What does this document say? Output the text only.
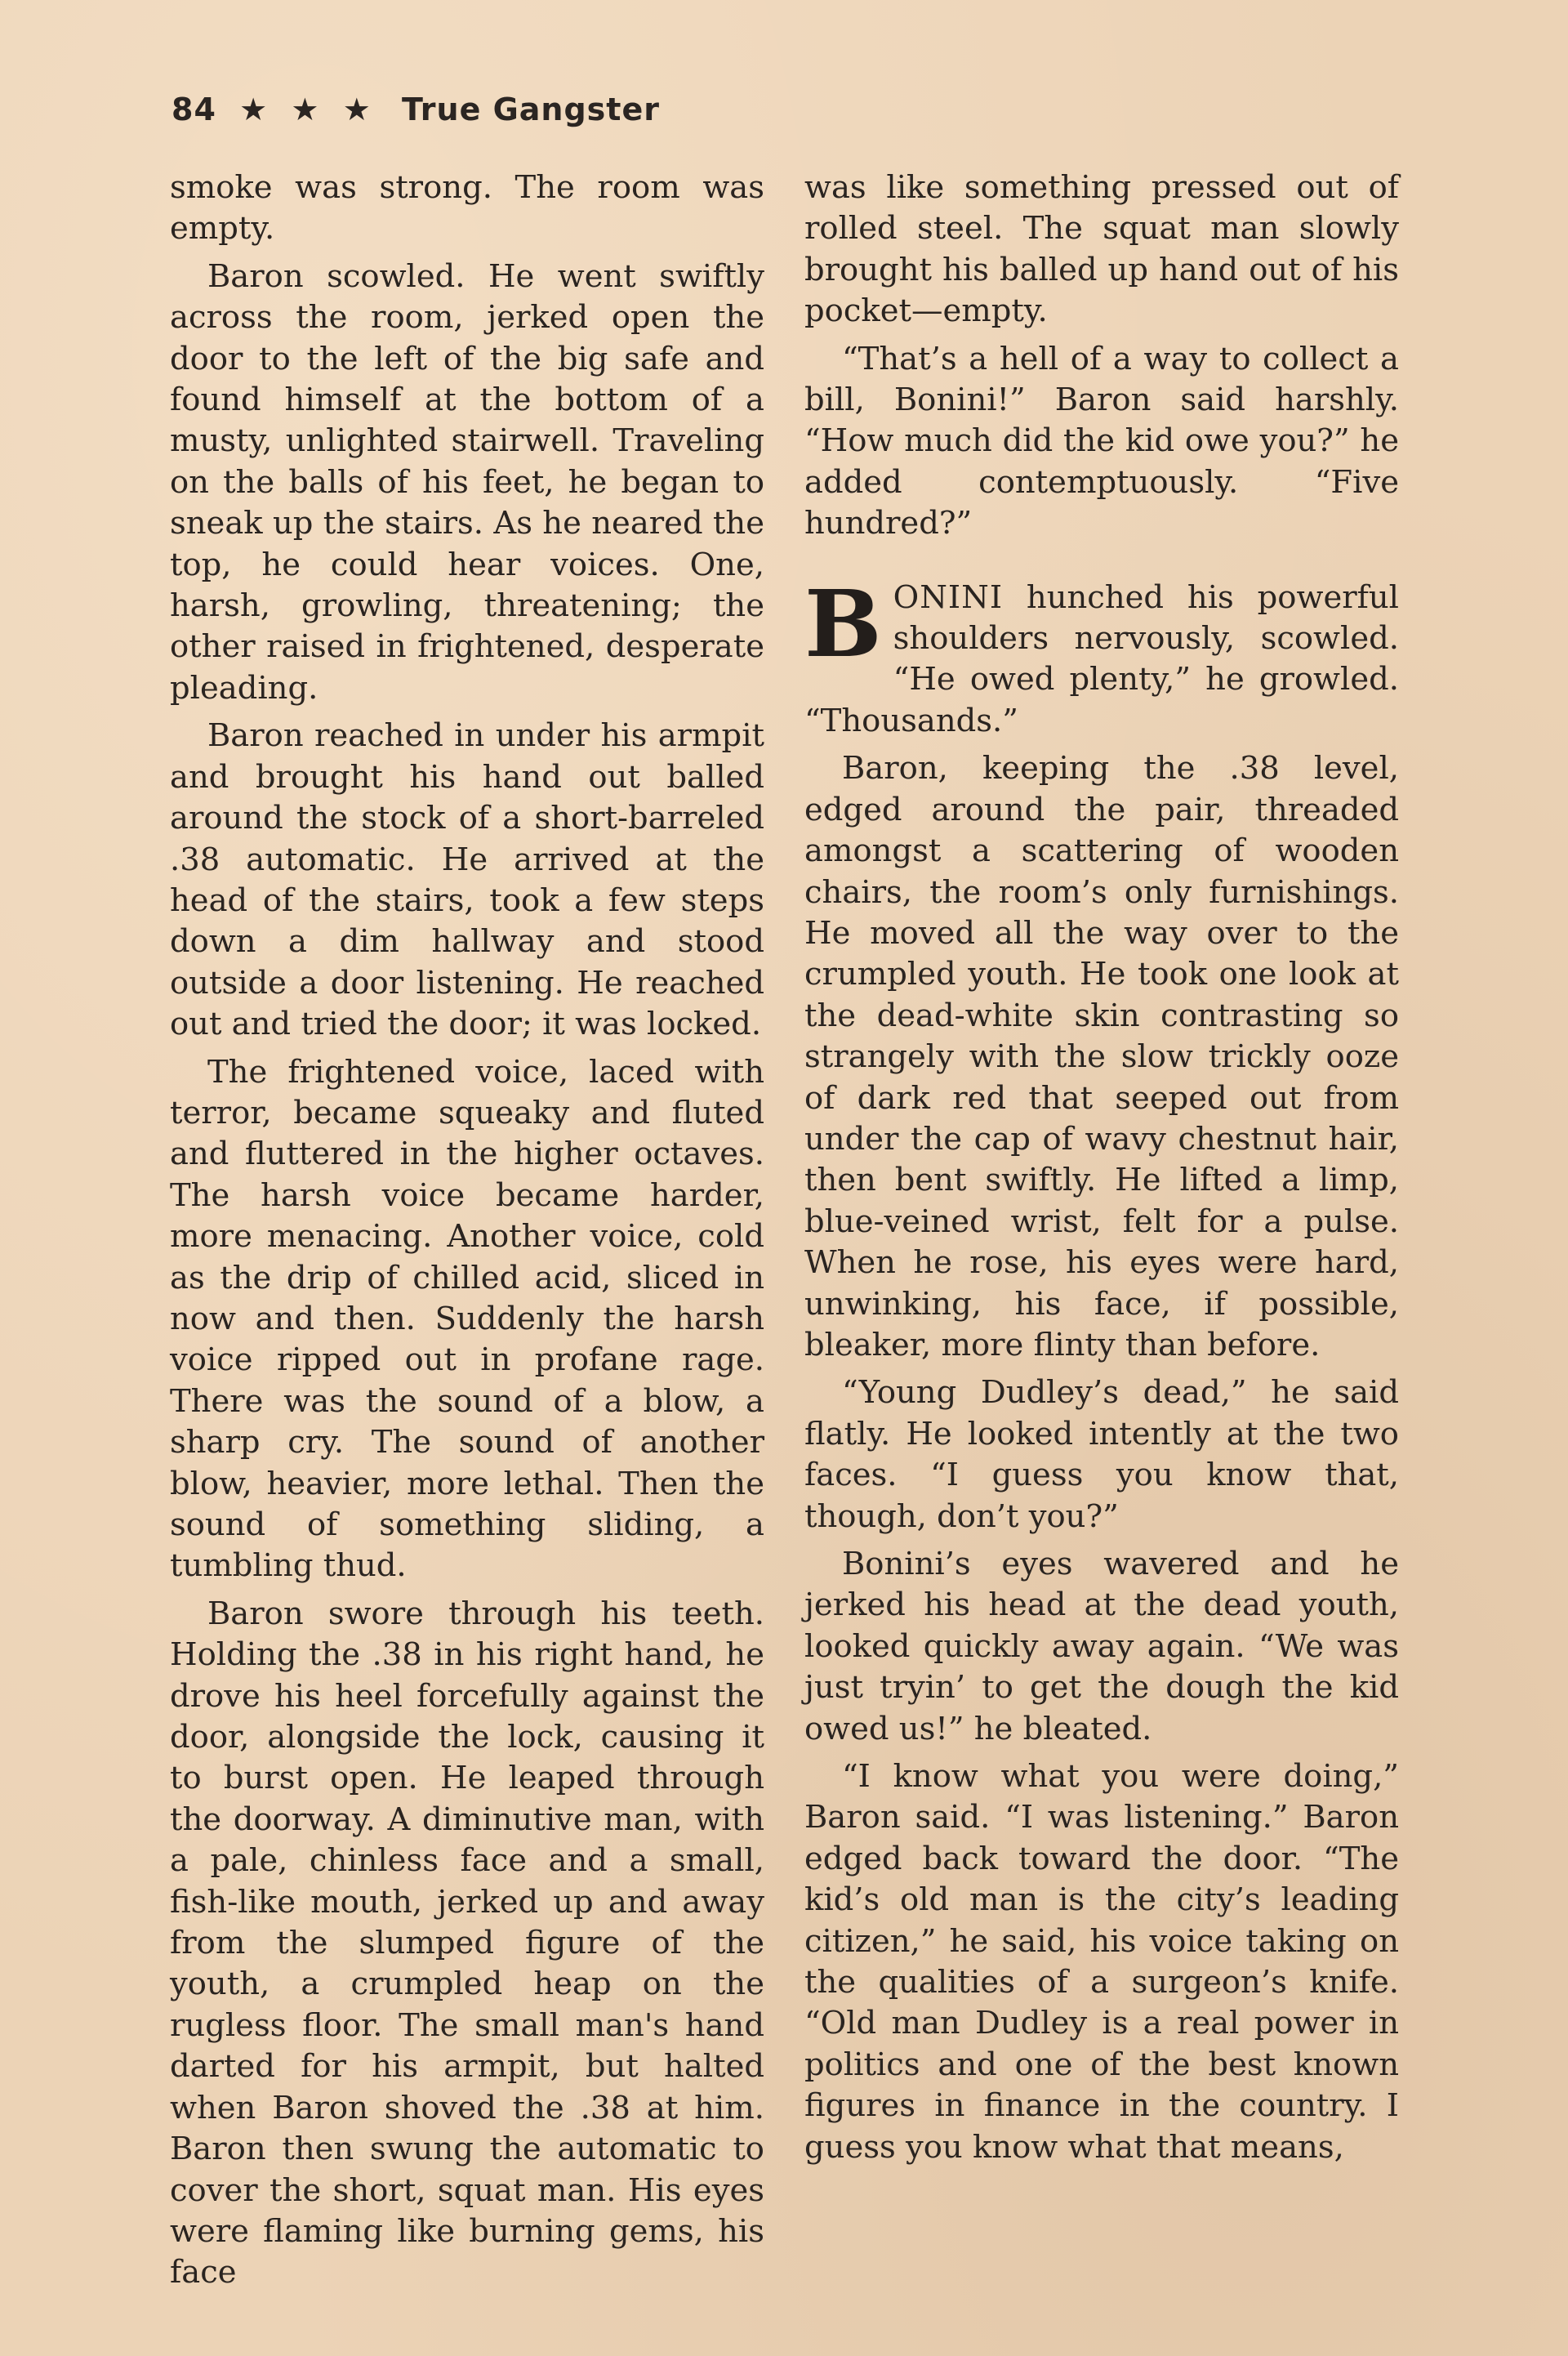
84 ★ ★ ★ True Gangster

smoke was strong. The room was empty.

Baron scowled. He went swiftly across the room, jerked open the door to the left of the big safe and found himself at the bottom of a musty, unlighted stairwell. Traveling on the balls of his feet, he began to sneak up the stairs. As he neared the top, he could hear voices. One, harsh, growling, threatening; the other raised in frightened, desperate pleading.

Baron reached in under his armpit and brought his hand out balled around the stock of a short-barreled .38 automatic. He arrived at the head of the stairs, took a few steps down a dim hallway and stood outside a door listening. He reached out and tried the door; it was locked.

The frightened voice, laced with terror, became squeaky and fluted and fluttered in the higher octaves. The harsh voice became harder, more menacing. Another voice, cold as the drip of chilled acid, sliced in now and then. Suddenly the harsh voice ripped out in profane rage. There was the sound of a blow, a sharp cry. The sound of another blow, heavier, more lethal. Then the sound of something sliding, a tumbling thud.

Baron swore through his teeth. Holding the .38 in his right hand, he drove his heel forcefully against the door, alongside the lock, causing it to burst open. He leaped through the doorway. A diminutive man, with a pale, chinless face and a small, fish-like mouth, jerked up and away from the slumped figure of the youth, a crumpled heap on the rugless floor. The small man's hand darted for his armpit, but halted when Baron shoved the .38 at him. Baron then swung the automatic to cover the short, squat man. His eyes were flaming like burning gems, his face

was like something pressed out of rolled steel. The squat man slowly brought his balled up hand out of his pocket—empty.

“That’s a hell of a way to collect a bill, Bonini!” Baron said harshly. “How much did the kid owe you?” he added contemptuously. “Five hundred?”

BONINI hunched his powerful shoulders nervously, scowled. “He owed plenty,” he growled. “Thousands.”

Baron, keeping the .38 level, edged around the pair, threaded amongst a scattering of wooden chairs, the room’s only furnishings. He moved all the way over to the crumpled youth. He took one look at the dead-white skin contrasting so strangely with the slow trickly ooze of dark red that seeped out from under the cap of wavy chestnut hair, then bent swiftly. He lifted a limp, blue-veined wrist, felt for a pulse. When he rose, his eyes were hard, unwinking, his face, if possible, bleaker, more flinty than before.

“Young Dudley’s dead,” he said flatly. He looked intently at the two faces. “I guess you know that, though, don’t you?”

Bonini’s eyes wavered and he jerked his head at the dead youth, looked quickly away again. “We was just tryin’ to get the dough the kid owed us!” he bleated.

“I know what you were doing,” Baron said. “I was listening.” Baron edged back toward the door. “The kid’s old man is the city’s leading citizen,” he said, his voice taking on the qualities of a surgeon’s knife. “Old man Dudley is a real power in politics and one of the best known figures in finance in the country. I guess you know what that means,
